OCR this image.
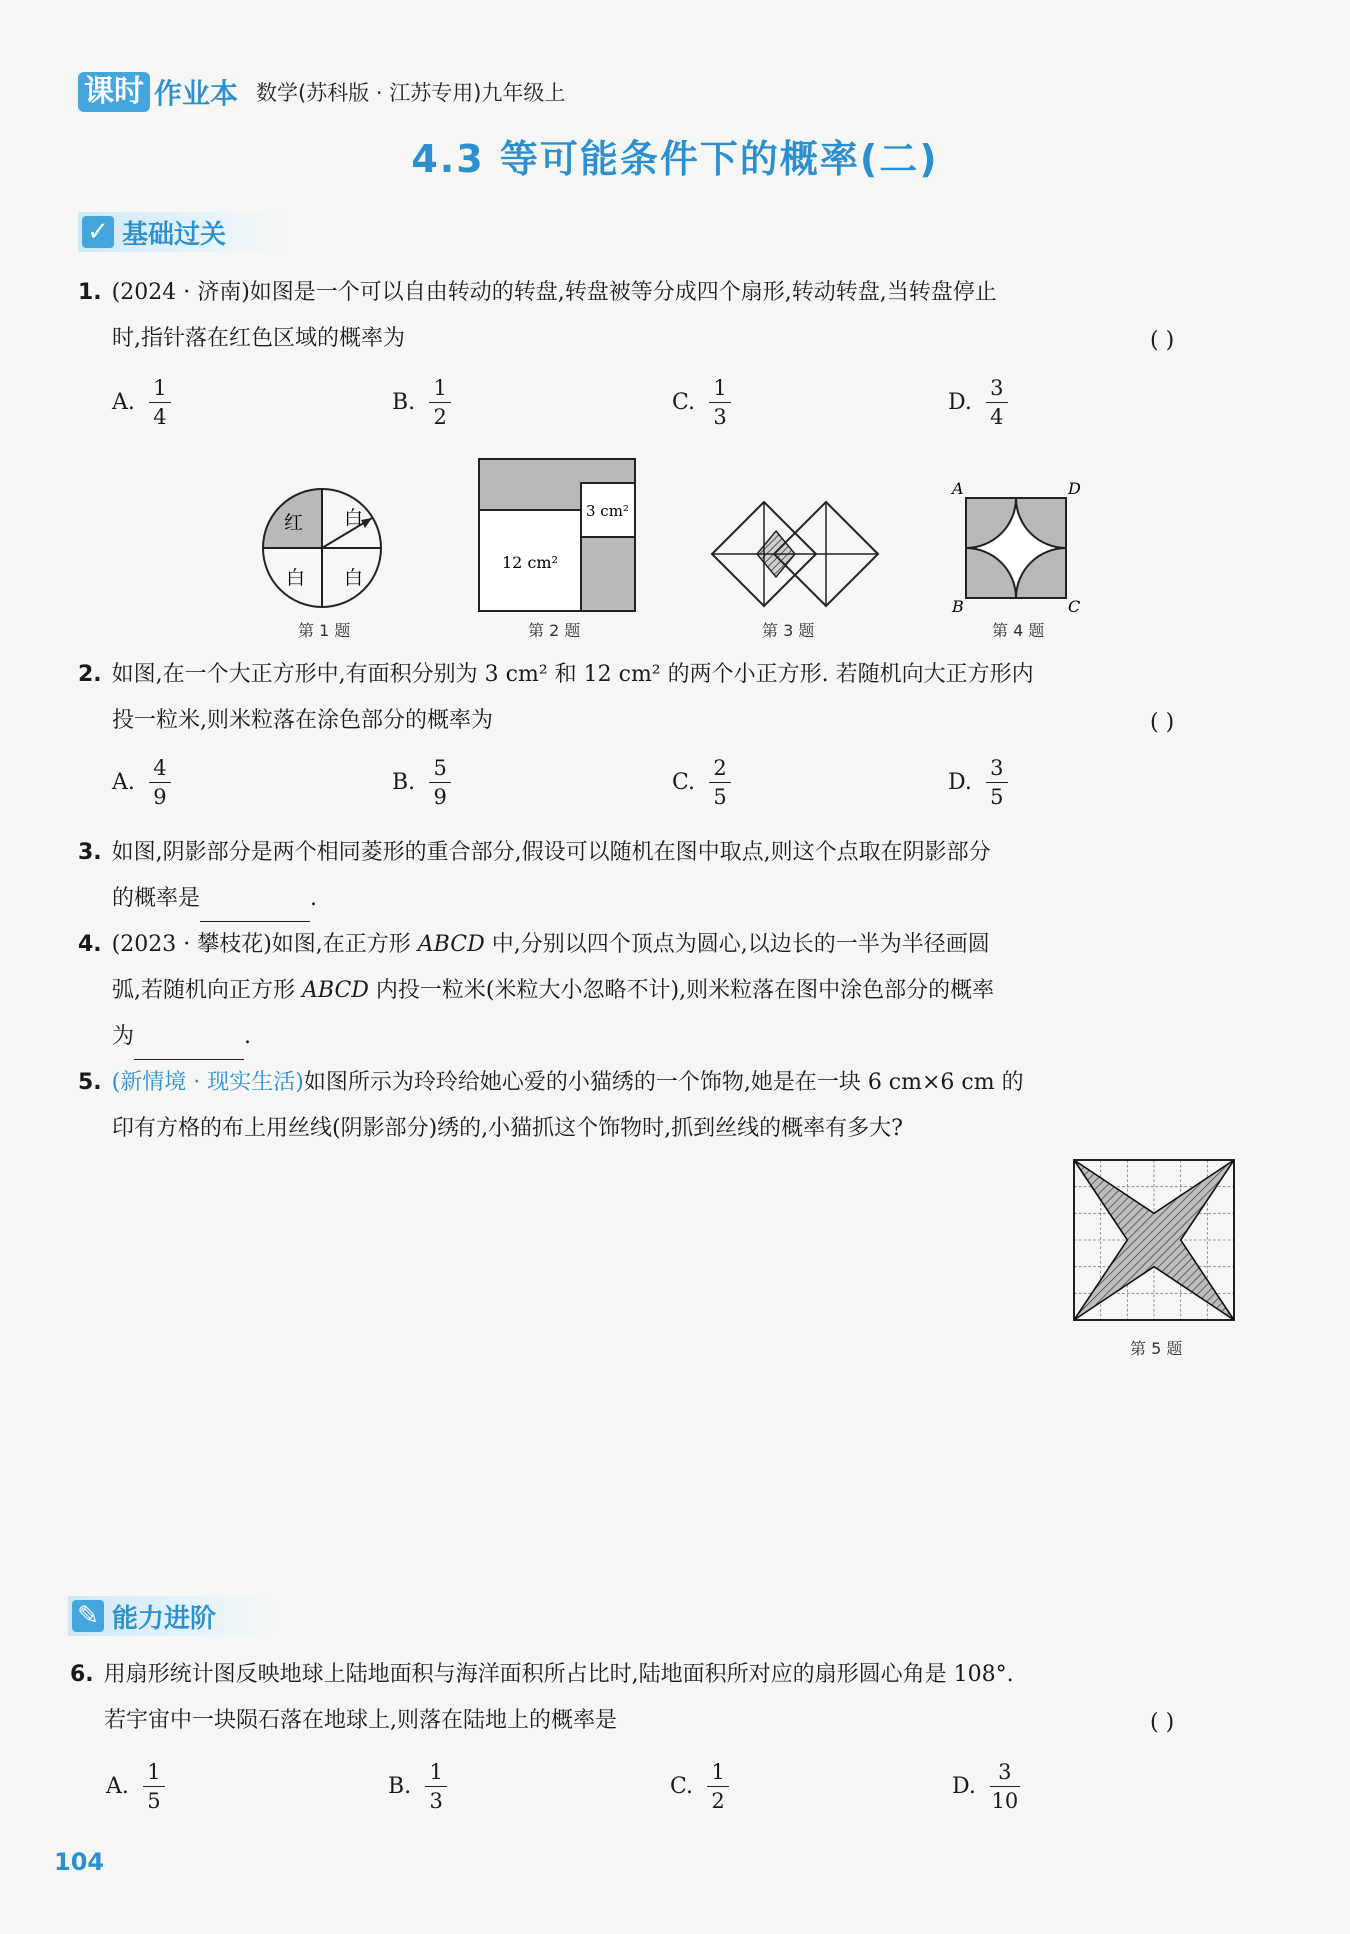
课时 作业本 数学(苏科版 · 江苏专用)九年级上
4.3 等可能条件下的概率(二)
✓ 基础过关
1. (2024 · 济南)如图是一个可以自由转动的转盘,转盘被等分成四个扇形,转动转盘,当转盘停止
时,指针落在红色区域的概率为	( )
A. $\frac{1}{4}$	B. $\frac{1}{2}$	C. $\frac{1}{3}$	D. $\frac{3}{4}$
红 白
白 白
第 1 题
3 cm²
12 cm²
第 2 题	第 3 题
A	D
B	C
第 4 题
2. 如图,在一个大正方形中,有面积分别为 3 cm² 和 12 cm² 的两个小正方形. 若随机向大正方形内
投一粒米,则米粒落在涂色部分的概率为	( )
A. $\frac{4}{9}$	B. $\frac{5}{9}$	C. $\frac{2}{5}$	D. $\frac{3}{5}$
3. 如图,阴影部分是两个相同菱形的重合部分,假设可以随机在图中取点,则这个点取在阴影部分
的概率是	.
4. (2023 · 攀枝花)如图,在正方形 ABCD 中,分别以四个顶点为圆心,以边长的一半为半径画圆
弧,若随机向正方形 ABCD 内投一粒米(米粒大小忽略不计),则米粒落在图中涂色部分的概率
为	.
5. (新情境 · 现实生活)如图所示为玲玲给她心爱的小猫绣的一个饰物,她是在一块 6 cm×6 cm 的
印有方格的布上用丝线(阴影部分)绣的,小猫抓这个饰物时,抓到丝线的概率有多大?
第 5 题
✎ 能力进阶
6. 用扇形统计图反映地球上陆地面积与海洋面积所占比时,陆地面积所对应的扇形圆心角是 108°.
若宇宙中一块陨石落在地球上,则落在陆地上的概率是	( )
A. $\frac{1}{5}$	B. $\frac{1}{3}$	C. $\frac{1}{2}$	D. $\frac{3}{10}$
104
